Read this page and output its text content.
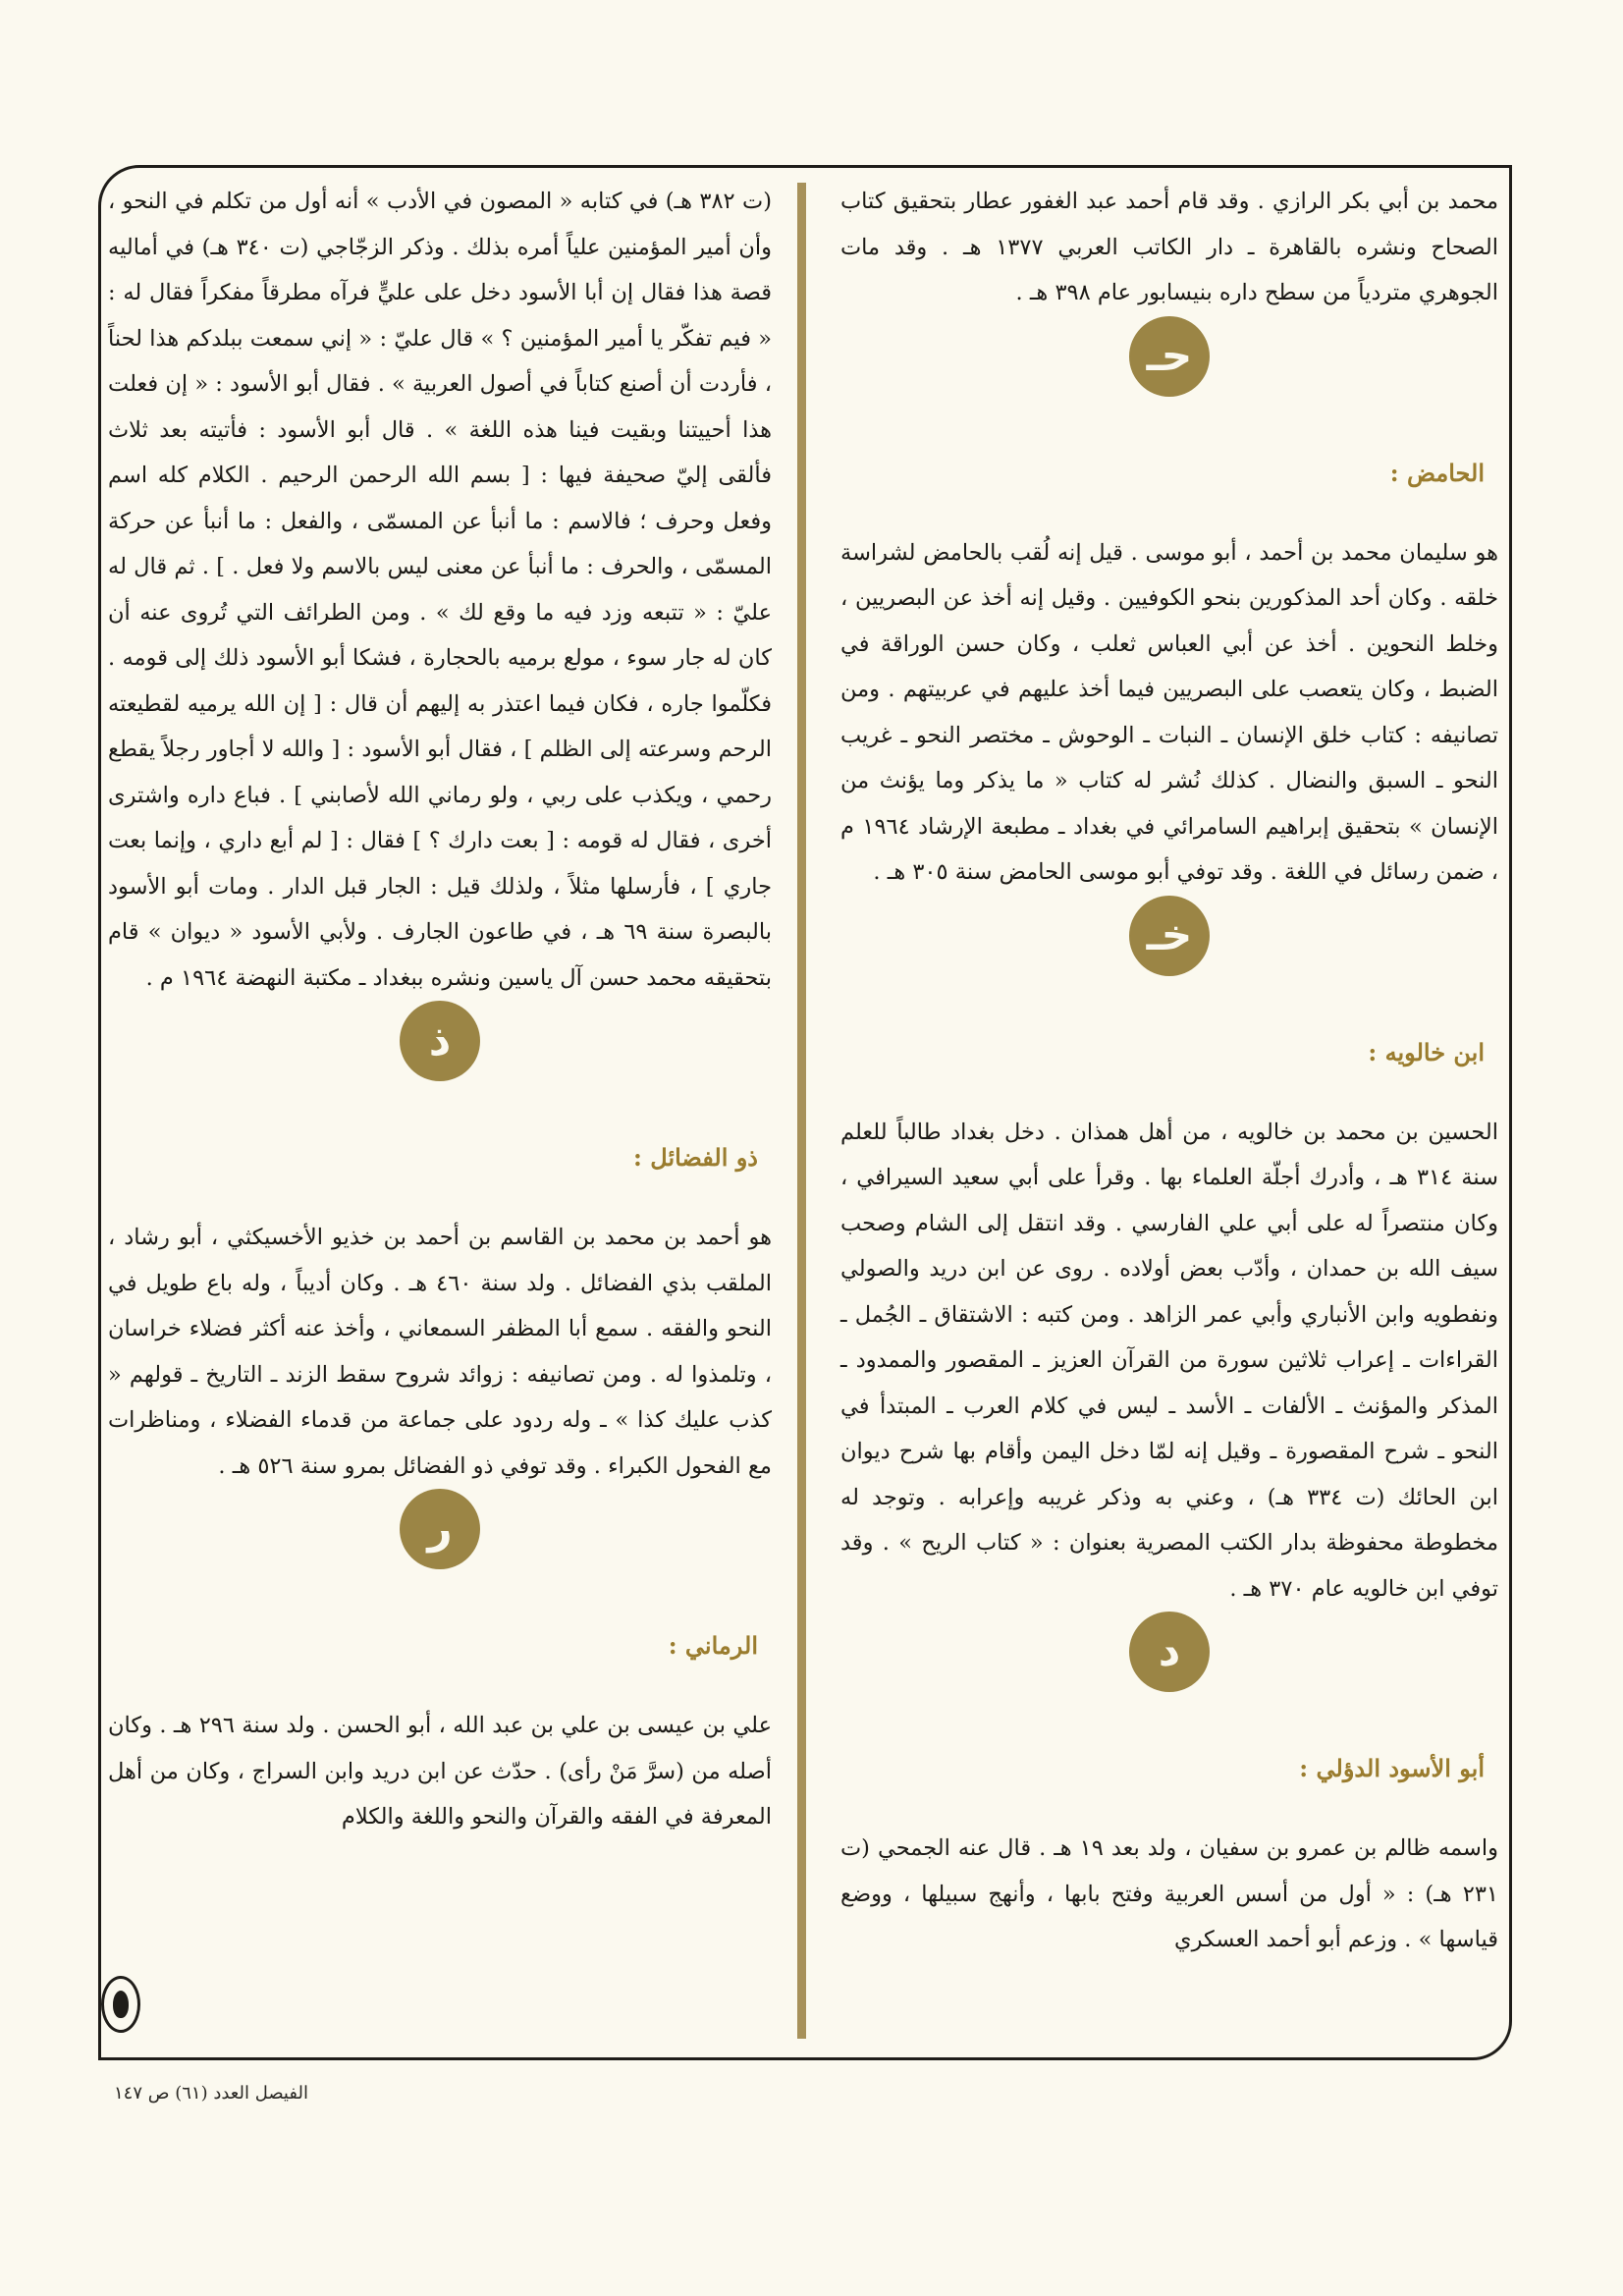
محمد بن أبي بكر الرازي . وقد قام أحمد عبد الغفور عطار بتحقيق كتاب الصحاح ونشره بالقاهرة ـ دار الكاتب العربي ١٣٧٧ هـ . وقد مات الجوهري متردياً من سطح داره بنيسابور عام ٣٩٨ هـ .

حـ
الحامض :

هو سليمان محمد بن أحمد ، أبو موسى . قيل إنه لُقب بالحامض لشراسة خلقه . وكان أحد المذكورين بنحو الكوفيين . وقيل إنه أخذ عن البصريين ، وخلط النحوين . أخذ عن أبي العباس ثعلب ، وكان حسن الوراقة في الضبط ، وكان يتعصب على البصريين فيما أخذ عليهم في عربيتهم . ومن تصانيفه : كتاب خلق الإنسان ـ النبات ـ الوحوش ـ مختصر النحو ـ غريب النحو ـ السبق والنضال . كذلك نُشر له كتاب « ما يذكر وما يؤنث من الإنسان » بتحقيق إبراهيم السامرائي في بغداد ـ مطبعة الإرشاد ١٩٦٤ م ، ضمن رسائل في اللغة . وقد توفي أبو موسى الحامض سنة ٣٠٥ هـ .

خـ
ابن خالويه :

الحسين بن محمد بن خالويه ، من أهل همذان . دخل بغداد طالباً للعلم سنة ٣١٤ هـ ، وأدرك أجلّة العلماء بها . وقرأ على أبي سعيد السيرافي ، وكان منتصراً له على أبي علي الفارسي . وقد انتقل إلى الشام وصحب سيف الله بن حمدان ، وأدّب بعض أولاده . روى عن ابن دريد والصولي ونفطويه وابن الأنباري وأبي عمر الزاهد . ومن كتبه : الاشتقاق ـ الجُمل ـ القراءات ـ إعراب ثلاثين سورة من القرآن العزيز ـ المقصور والممدود ـ المذكر والمؤنث ـ الألفات ـ الأسد ـ ليس في كلام العرب ـ المبتدأ في النحو ـ شرح المقصورة ـ وقيل إنه لمّا دخل اليمن وأقام بها شرح ديوان ابن الحائك (ت ٣٣٤ هـ) ، وعني به وذكر غريبه وإعرابه . وتوجد له مخطوطة محفوظة بدار الكتب المصرية بعنوان : « كتاب الريح » . وقد توفي ابن خالويه عام ٣٧٠ هـ .

د
أبو الأسود الدؤلي :

واسمه ظالم بن عمرو بن سفيان ، ولد بعد ١٩ هـ . قال عنه الجمحي (ت ٢٣١ هـ) : « أول من أسس العربية وفتح بابها ، وأنهج سبيلها ، ووضع قياسها » . وزعم أبو أحمد العسكري

(ت ٣٨٢ هـ) في كتابه « المصون في الأدب » أنه أول من تكلم في النحو ، وأن أمير المؤمنين علياً أمره بذلك . وذكر الزجّاجي (ت ٣٤٠ هـ) في أماليه قصة هذا فقال إن أبا الأسود دخل على عليٍّ فرآه مطرقاً مفكراً فقال له : « فيم تفكّر يا أمير المؤمنين ؟ » قال عليّ : « إني سمعت ببلدكم هذا لحناً ، فأردت أن أصنع كتاباً في أصول العربية » . فقال أبو الأسود : « إن فعلت هذا أحييتنا وبقيت فينا هذه اللغة » . قال أبو الأسود : فأتيته بعد ثلاث فألقى إليّ صحيفة فيها : [ بسم الله الرحمن الرحيم . الكلام كله اسم وفعل وحرف ؛ فالاسم : ما أنبأ عن المسمّى ، والفعل : ما أنبأ عن حركة المسمّى ، والحرف : ما أنبأ عن معنى ليس بالاسم ولا فعل . ] . ثم قال له عليّ : « تتبعه وزد فيه ما وقع لك » . ومن الطرائف التي تُروى عنه أن كان له جار سوء ، مولع برميه بالحجارة ، فشكا أبو الأسود ذلك إلى قومه . فكلّموا جاره ، فكان فيما اعتذر به إليهم أن قال : [ إن الله يرميه لقطيعته الرحم وسرعته إلى الظلم ] ، فقال أبو الأسود : [ والله لا أجاور رجلاً يقطع رحمي ، ويكذب على ربي ، ولو رماني الله لأصابني ] . فباع داره واشترى أخرى ، فقال له قومه : [ بعت دارك ؟ ] فقال : [ لم أبع داري ، وإنما بعت جاري ] ، فأرسلها مثلاً ، ولذلك قيل : الجار قبل الدار . ومات أبو الأسود بالبصرة سنة ٦٩ هـ ، في طاعون الجارف . ولأبي الأسود « ديوان » قام بتحقيقه محمد حسن آل ياسين ونشره ببغداد ـ مكتبة النهضة ١٩٦٤ م .

ذ
ذو الفضائل :

هو أحمد بن محمد بن القاسم بن أحمد بن خذيو الأخسيكثي ، أبو رشاد ، الملقب بذي الفضائل . ولد سنة ٤٦٠ هـ . وكان أديباً ، وله باع طويل في النحو والفقه . سمع أبا المظفر السمعاني ، وأخذ عنه أكثر فضلاء خراسان ، وتلمذوا له . ومن تصانيفه : زوائد شروح سقط الزند ـ التاريخ ـ قولهم « كذب عليك كذا » ـ وله ردود على جماعة من قدماء الفضلاء ، ومناظرات مع الفحول الكبراء . وقد توفي ذو الفضائل بمرو سنة ٥٢٦ هـ .

ر
الرماني :

علي بن عيسى بن علي بن عبد الله ، أبو الحسن . ولد سنة ٢٩٦ هـ . وكان أصله من (سرَّ مَنْ رأى) . حدّث عن ابن دريد وابن السراج ، وكان من أهل المعرفة في الفقه والقرآن والنحو واللغة والكلام

الفيصل العدد (٦١) ص ١٤٧
